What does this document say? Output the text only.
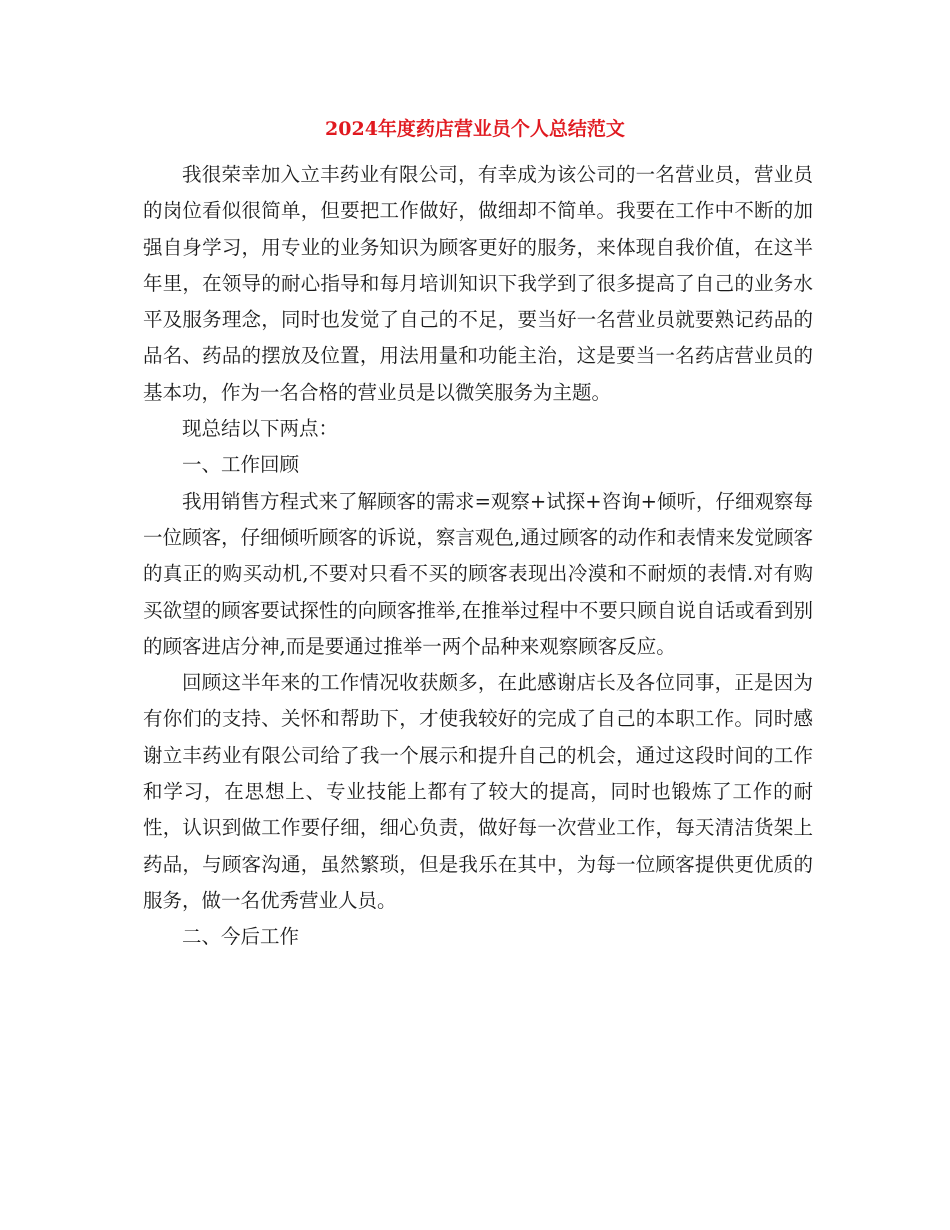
2024年度药店营业员个人总结范文

我很荣幸加入立丰药业有限公司，有幸成为该公司的一名营业员，营业员的岗位看似很简单，但要把工作做好，做细却不简单。我要在工作中不断的加强自身学习，用专业的业务知识为顾客更好的服务，来体现自我价值，在这半年里，在领导的耐心指导和每月培训知识下我学到了很多提高了自己的业务水平及服务理念，同时也发觉了自己的不足，要当好一名营业员就要熟记药品的品名、药品的摆放及位置，用法用量和功能主治，这是要当一名药店营业员的基本功，作为一名合格的营业员是以微笑服务为主题。

现总结以下两点：

一、工作回顾

我用销售方程式来了解顾客的需求=观察+试探+咨询+倾听，仔细观察每一位顾客，仔细倾听顾客的诉说，察言观色,通过顾客的动作和表情来发觉顾客的真正的购买动机,不要对只看不买的顾客表现出冷漠和不耐烦的表情.对有购买欲望的顾客要试探性的向顾客推举,在推举过程中不要只顾自说自话或看到别的顾客进店分神,而是要通过推举一两个品种来观察顾客反应。

回顾这半年来的工作情况收获颇多，在此感谢店长及各位同事，正是因为有你们的支持、关怀和帮助下，才使我较好的完成了自己的本职工作。同时感谢立丰药业有限公司给了我一个展示和提升自己的机会，通过这段时间的工作和学习，在思想上、专业技能上都有了较大的提高，同时也锻炼了工作的耐性，认识到做工作要仔细，细心负责，做好每一次营业工作，每天清洁货架上药品，与顾客沟通，虽然繁琐，但是我乐在其中，为每一位顾客提供更优质的服务，做一名优秀营业人员。

二、今后工作
